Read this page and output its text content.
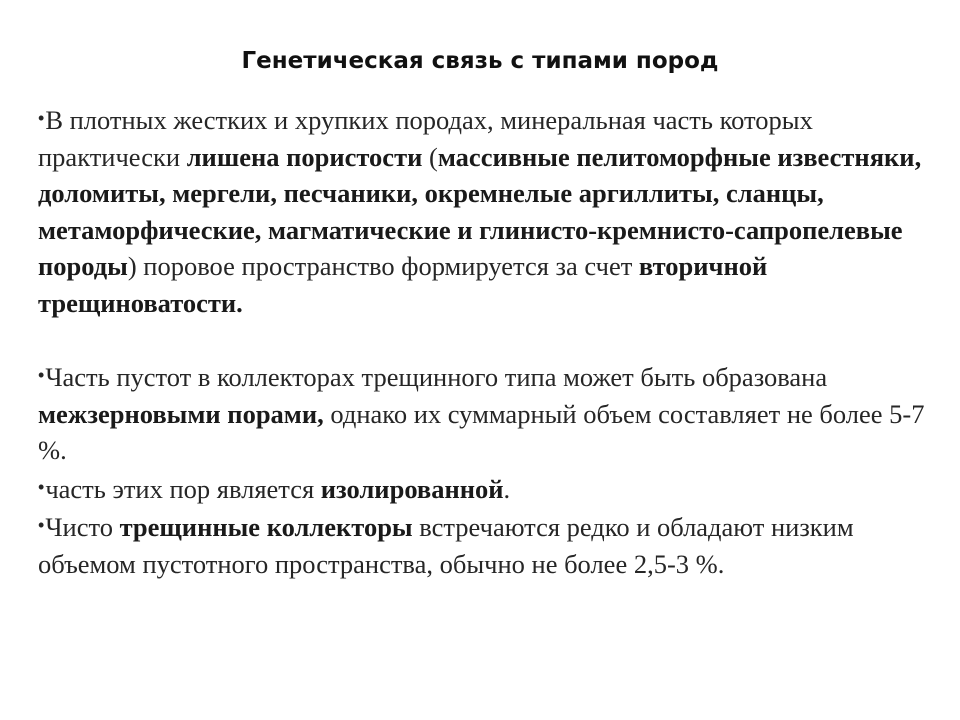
Генетическая связь с типами пород

•В плотных жестких и хрупких породах, минеральная часть которых практически лишена пористости (массивные пелитоморфные известняки, доломиты, мергели, песчаники, окремнелые аргиллиты, сланцы, метаморфические, магматические и глинисто-кремнисто-сапропелевые породы) поровое пространство формируется за счет вторичной трещиноватости.

•Часть пустот в коллекторах трещинного типа может быть образована межзерновыми порами, однако их суммарный объем составляет не более 5-7 %.

•часть этих пор является изолированной.

•Чисто трещинные коллекторы встречаются редко и обладают низким объемом пустотного пространства, обычно не более 2,5-3 %.
